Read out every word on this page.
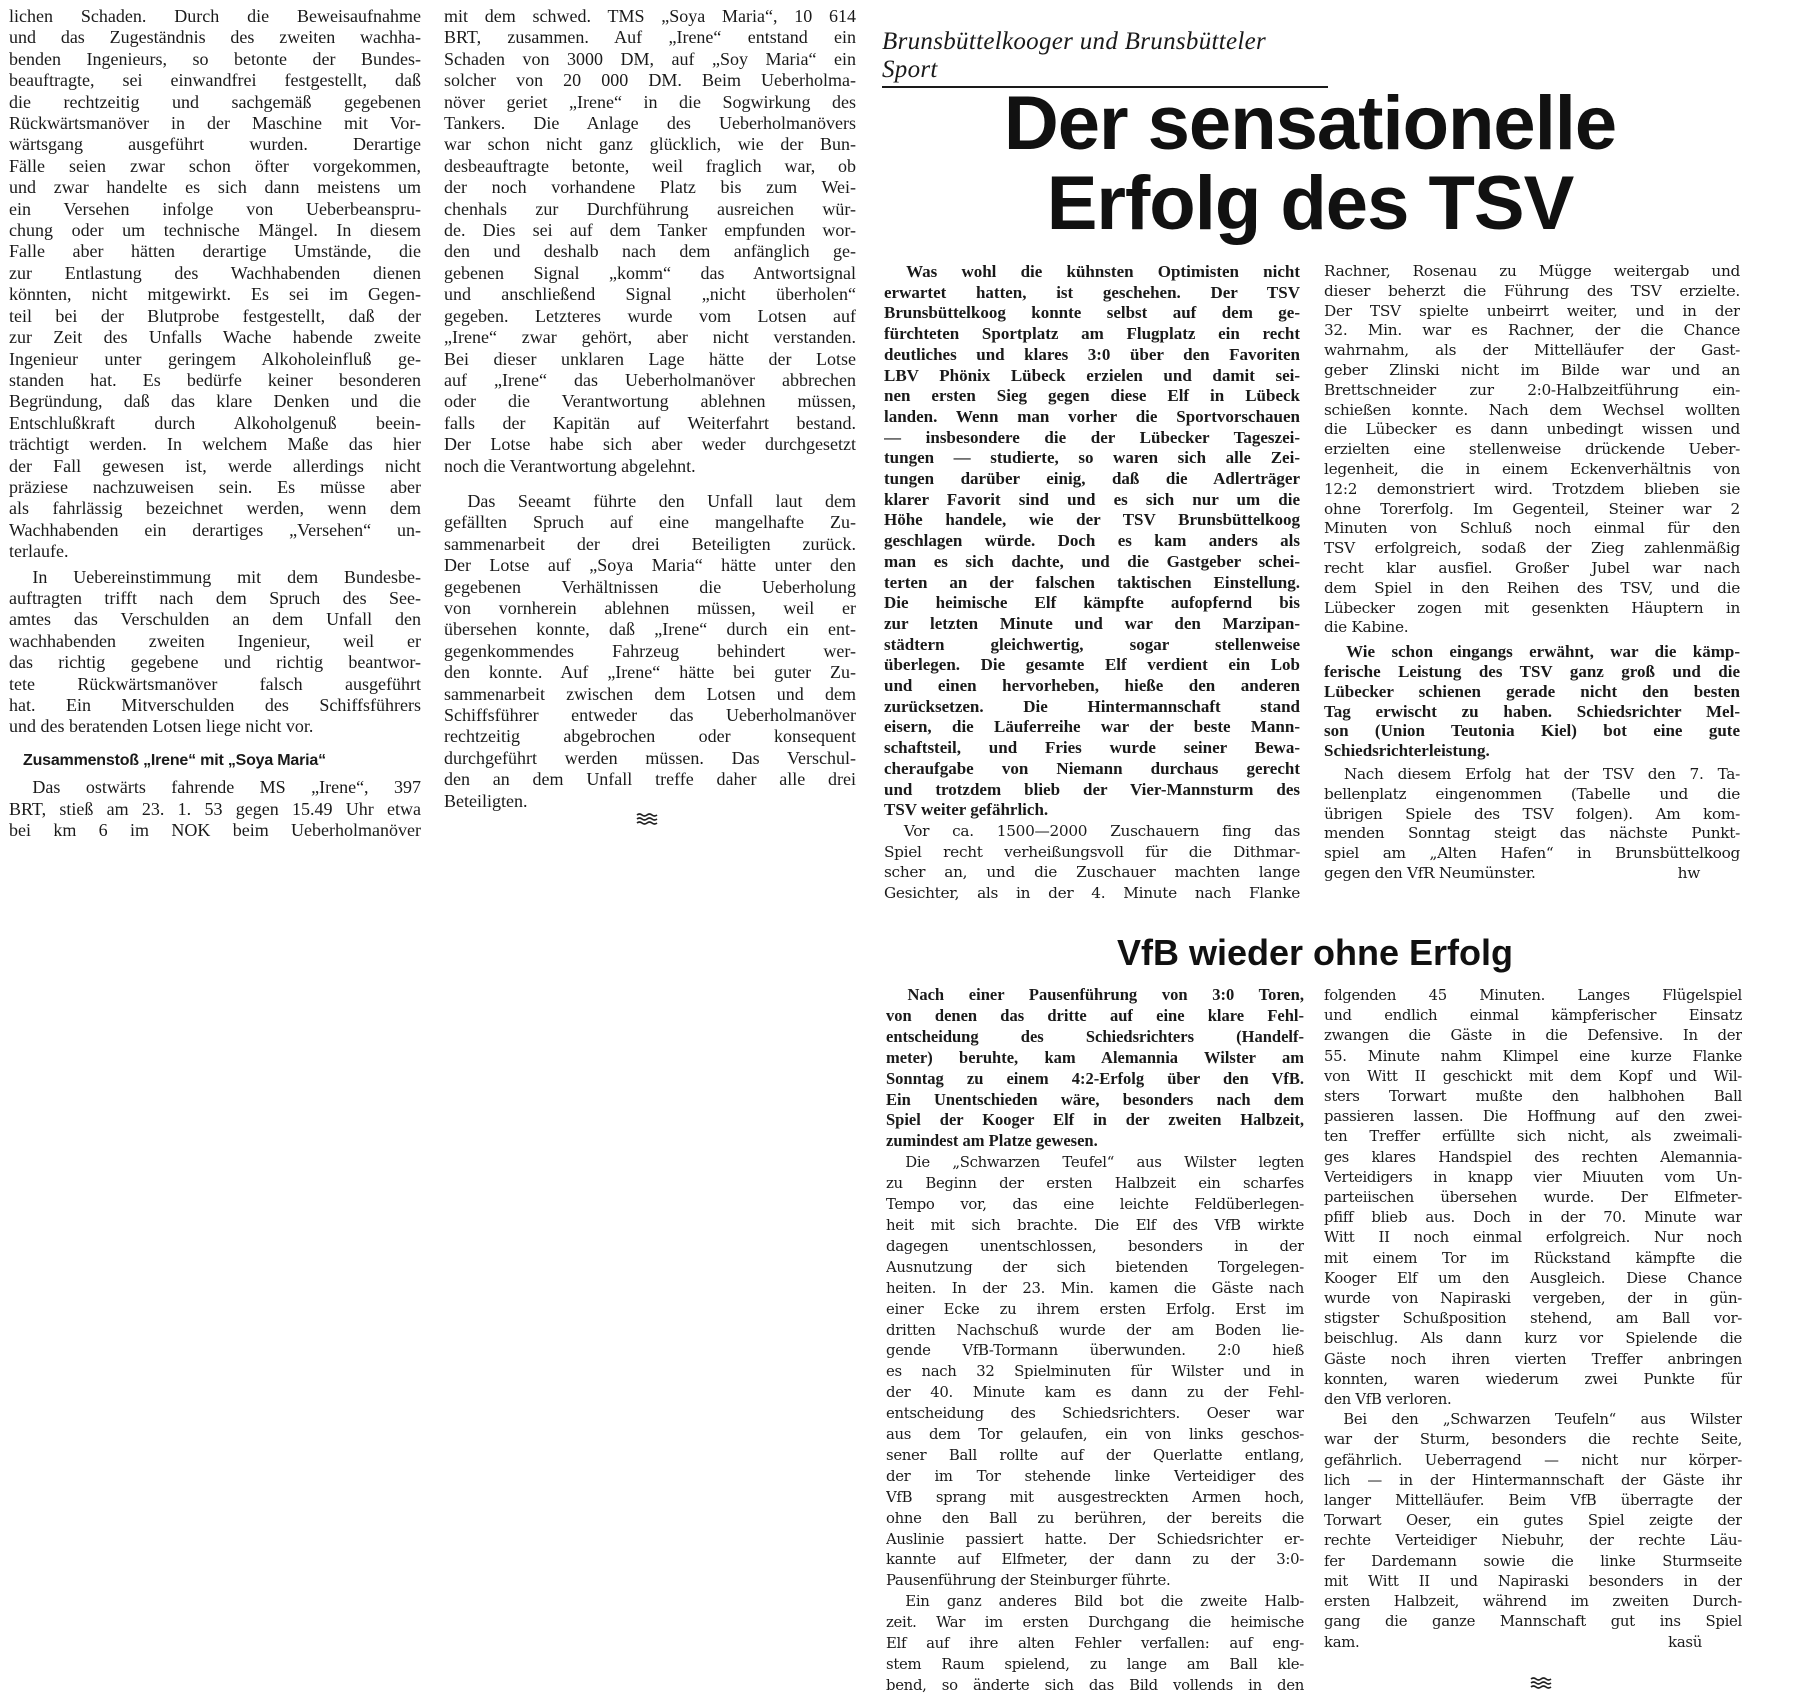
lichen Schaden. Durch die Beweisaufnahme
und das Zugeständnis des zweiten wachha-
benden Ingenieurs, so betonte der Bundes-
beauftragte, sei einwandfrei festgestellt, daß
die rechtzeitig und sachgemäß gegebenen
Rückwärtsmanöver in der Maschine mit Vor-
wärtsgang ausgeführt wurden. Derartige
Fälle seien zwar schon öfter vorgekommen,
und zwar handelte es sich dann meistens um
ein Versehen infolge von Ueberbeanspru-
chung oder um technische Mängel. In diesem
Falle aber hätten derartige Umstände, die
zur Entlastung des Wachhabenden dienen
könnten, nicht mitgewirkt. Es sei im Gegen-
teil bei der Blutprobe festgestellt, daß der
zur Zeit des Unfalls Wache habende zweite
Ingenieur unter geringem Alkoholeinfluß ge-
standen hat. Es bedürfe keiner besonderen
Begründung, daß das klare Denken und die
Entschlußkraft durch Alkoholgenuß beein-
trächtigt werden. In welchem Maße das hier
der Fall gewesen ist, werde allerdings nicht
präziese nachzuweisen sein. Es müsse aber
als fahrlässig bezeichnet werden, wenn dem
Wachhabenden ein derartiges „Versehen“ un-
terlaufe.
In Uebereinstimmung mit dem Bundesbe-
auftragten trifft nach dem Spruch des See-
amtes das Verschulden an dem Unfall den
wachhabenden zweiten Ingenieur, weil er
das richtig gegebene und richtig beantwor-
tete Rückwärtsmanöver falsch ausgeführt
hat. Ein Mitverschulden des Schiffsführers
und des beratenden Lotsen liege nicht vor.
Zusammenstoß „Irene“ mit „Soya Maria“
Das ostwärts fahrende MS „Irene“, 397
BRT, stieß am 23. 1. 53 gegen 15.49 Uhr etwa
bei km 6 im NOK beim Ueberholmanöver
mit dem schwed. TMS „Soya Maria“, 10 614
BRT, zusammen. Auf „Irene“ entstand ein
Schaden von 3000 DM, auf „Soy Maria“ ein
solcher von 20 000 DM. Beim Ueberholma-
növer geriet „Irene“ in die Sogwirkung des
Tankers. Die Anlage des Ueberholmanövers
war schon nicht ganz glücklich, wie der Bun-
desbeauftragte betonte, weil fraglich war, ob
der noch vorhandene Platz bis zum Wei-
chenhals zur Durchführung ausreichen wür-
de. Dies sei auf dem Tanker empfunden wor-
den und deshalb nach dem anfänglich ge-
gebenen Signal „komm“ das Antwortsignal
und anschließend Signal „nicht überholen“
gegeben. Letzteres wurde vom Lotsen auf
„Irene“ zwar gehört, aber nicht verstanden.
Bei dieser unklaren Lage hätte der Lotse
auf „Irene“ das Ueberholmanöver abbrechen
oder die Verantwortung ablehnen müssen,
falls der Kapitän auf Weiterfahrt bestand.
Der Lotse habe sich aber weder durchgesetzt
noch die Verantwortung abgelehnt.
Das Seeamt führte den Unfall laut dem
gefällten Spruch auf eine mangelhafte Zu-
sammenarbeit der drei Beteiligten zurück.
Der Lotse auf „Soya Maria“ hätte unter den
gegebenen Verhältnissen die Ueberholung
von vornherein ablehnen müssen, weil er
übersehen konnte, daß „Irene“ durch ein ent-
gegenkommendes Fahrzeug behindert wer-
den konnte. Auf „Irene“ hätte bei guter Zu-
sammenarbeit zwischen dem Lotsen und dem
Schiffsführer entweder das Ueberholmanöver
rechtzeitig abgebrochen oder konsequent
durchgeführt werden müssen. Das Verschul-
den an dem Unfall treffe daher alle drei
Beteiligten.
Brunsbüttelkooger und Brunsbütteler Sport
Der sensationelle
Erfolg des TSV
Was wohl die kühnsten Optimisten nicht
erwartet hatten, ist geschehen. Der TSV
Brunsbüttelkoog konnte selbst auf dem ge-
fürchteten Sportplatz am Flugplatz ein recht
deutliches und klares 3:0 über den Favoriten
LBV Phönix Lübeck erzielen und damit sei-
nen ersten Sieg gegen diese Elf in Lübeck
landen. Wenn man vorher die Sportvorschauen
— insbesondere die der Lübecker Tageszei-
tungen — studierte, so waren sich alle Zei-
tungen darüber einig, daß die Adlerträger
klarer Favorit sind und es sich nur um die
Höhe handele, wie der TSV Brunsbüttelkoog
geschlagen würde. Doch es kam anders als
man es sich dachte, und die Gastgeber schei-
terten an der falschen taktischen Einstellung.
Die heimische Elf kämpfte aufopfernd bis
zur letzten Minute und war den Marzipan-
städtern gleichwertig, sogar stellenweise
überlegen. Die gesamte Elf verdient ein Lob
und einen hervorheben, hieße den anderen
zurücksetzen. Die Hintermannschaft stand
eisern, die Läuferreihe war der beste Mann-
schaftsteil, und Fries wurde seiner Bewa-
cheraufgabe von Niemann durchaus gerecht
und trotzdem blieb der Vier-Mannsturm des
TSV weiter gefährlich.
Vor ca. 1500—2000 Zuschauern fing das
Spiel recht verheißungsvoll für die Dithmar-
scher an, und die Zuschauer machten lange
Gesichter, als in der 4. Minute nach Flanke
Rachner, Rosenau zu Mügge weitergab und
dieser beherzt die Führung des TSV erzielte.
Der TSV spielte unbeirrt weiter, und in der
32. Min. war es Rachner, der die Chance
wahrnahm, als der Mittelläufer der Gast-
geber Zlinski nicht im Bilde war und an
Brettschneider zur 2:0-Halbzeitführung ein-
schießen konnte. Nach dem Wechsel wollten
die Lübecker es dann unbedingt wissen und
erzielten eine stellenweise drückende Ueber-
legenheit, die in einem Eckenverhältnis von
12:2 demonstriert wird. Trotzdem blieben sie
ohne Torerfolg. Im Gegenteil, Steiner war 2
Minuten von Schluß noch einmal für den
TSV erfolgreich, sodaß der Zieg zahlenmäßig
recht klar ausfiel. Großer Jubel war nach
dem Spiel in den Reihen des TSV, und die
Lübecker zogen mit gesenkten Häuptern in
die Kabine.
Wie schon eingangs erwähnt, war die kämp-
ferische Leistung des TSV ganz groß und die
Lübecker schienen gerade nicht den besten
Tag erwischt zu haben. Schiedsrichter Mel-
son (Union Teutonia Kiel) bot eine gute
Schiedsrichterleistung.
Nach diesem Erfolg hat der TSV den 7. Ta-
bellenplatz eingenommen (Tabelle und die
übrigen Spiele des TSV folgen). Am kom-
menden Sonntag steigt das nächste Punkt-
spiel am „Alten Hafen“ in Brunsbüttelkoog
gegen den VfR Neumünster.	hw
VfB wieder ohne Erfolg
Nach einer Pausenführung von 3:0 Toren,
von denen das dritte auf eine klare Fehl-
entscheidung des Schiedsrichters (Handelf-
meter) beruhte, kam Alemannia Wilster am
Sonntag zu einem 4:2-Erfolg über den VfB.
Ein Unentschieden wäre, besonders nach dem
Spiel der Kooger Elf in der zweiten Halbzeit,
zumindest am Platze gewesen.
Die „Schwarzen Teufel“ aus Wilster legten
zu Beginn der ersten Halbzeit ein scharfes
Tempo vor, das eine leichte Feldüberlegen-
heit mit sich brachte. Die Elf des VfB wirkte
dagegen unentschlossen, besonders in der
Ausnutzung der sich bietenden Torgelegen-
heiten. In der 23. Min. kamen die Gäste nach
einer Ecke zu ihrem ersten Erfolg. Erst im
dritten Nachschuß wurde der am Boden lie-
gende VfB-Tormann überwunden. 2:0 hieß
es nach 32 Spielminuten für Wilster und in
der 40. Minute kam es dann zu der Fehl-
entscheidung des Schiedsrichters. Oeser war
aus dem Tor gelaufen, ein von links geschos-
sener Ball rollte auf der Querlatte entlang,
der im Tor stehende linke Verteidiger des
VfB sprang mit ausgestreckten Armen hoch,
ohne den Ball zu berühren, der bereits die
Auslinie passiert hatte. Der Schiedsrichter er-
kannte auf Elfmeter, der dann zu der 3:0-
Pausenführung der Steinburger führte.
Ein ganz anderes Bild bot die zweite Halb-
zeit. War im ersten Durchgang die heimische
Elf auf ihre alten Fehler verfallen: auf eng-
stem Raum spielend, zu lange am Ball kle-
bend, so änderte sich das Bild vollends in den
folgenden 45 Minuten. Langes Flügelspiel
und endlich einmal kämpferischer Einsatz
zwangen die Gäste in die Defensive. In der
55. Minute nahm Klimpel eine kurze Flanke
von Witt II geschickt mit dem Kopf und Wil-
sters Torwart mußte den halbhohen Ball
passieren lassen. Die Hoffnung auf den zwei-
ten Treffer erfüllte sich nicht, als zweimali-
ges klares Handspiel des rechten Alemannia-
Verteidigers in knapp vier Miuuten vom Un-
parteiischen übersehen wurde. Der Elfmeter-
pfiff blieb aus. Doch in der 70. Minute war
Witt II noch einmal erfolgreich. Nur noch
mit einem Tor im Rückstand kämpfte die
Kooger Elf um den Ausgleich. Diese Chance
wurde von Napiraski vergeben, der in gün-
stigster Schußposition stehend, am Ball vor-
beischlug. Als dann kurz vor Spielende die
Gäste noch ihren vierten Treffer anbringen
konnten, waren wiederum zwei Punkte für
den VfB verloren.
Bei den „Schwarzen Teufeln“ aus Wilster
war der Sturm, besonders die rechte Seite,
gefährlich. Ueberragend — nicht nur körper-
lich — in der Hintermannschaft der Gäste ihr
langer Mittelläufer. Beim VfB überragte der
Torwart Oeser, ein gutes Spiel zeigte der
rechte Verteidiger Niebuhr, der rechte Läu-
fer Dardemann sowie die linke Sturmseite
mit Witt II und Napiraski besonders in der
ersten Halbzeit, während im zweiten Durch-
gang die ganze Mannschaft gut ins Spiel
kam.	kasü
